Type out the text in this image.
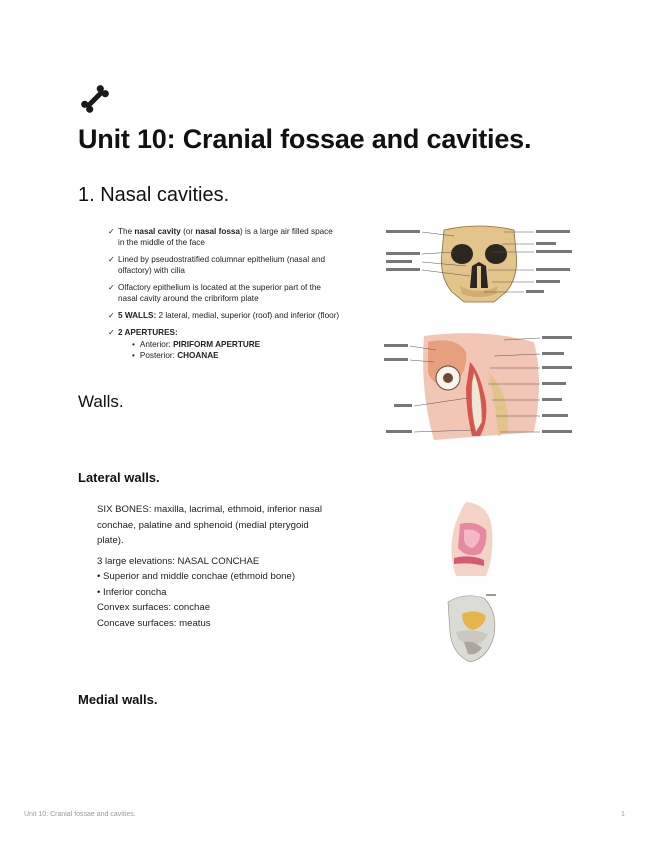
Unit 10: Cranial fossae and cavities.
1. Nasal cavities.
✓ The nasal cavity (or nasal fossa) is a large air filled space in the middle of the face
✓ Lined by pseudostratified columnar epithelium (nasal and olfactory) with cilia
✓ Olfactory epithelium is located at the superior part of the nasal cavity around the cribriform plate
✓ 5 WALLS: 2 lateral, medial, superior (roof) and inferior (floor)
✓ 2 APERTURES:
• Anterior: PIRIFORM APERTURE
• Posterior: CHOANAE
Walls.
Lateral walls.

SIX BONES: maxilla, lacrimal, ethmoid, inferior nasal conchae, palatine and sphenoid (medial pterygoid plate).

3 large elevations: NASAL CONCHAE

• Superior and middle conchae (ethmoid bone)

• Inferior concha

Convex surfaces: conchae

Concave surfaces: meatus

Medial walls.
Unit 10: Cranial fossae and cavities.	1
